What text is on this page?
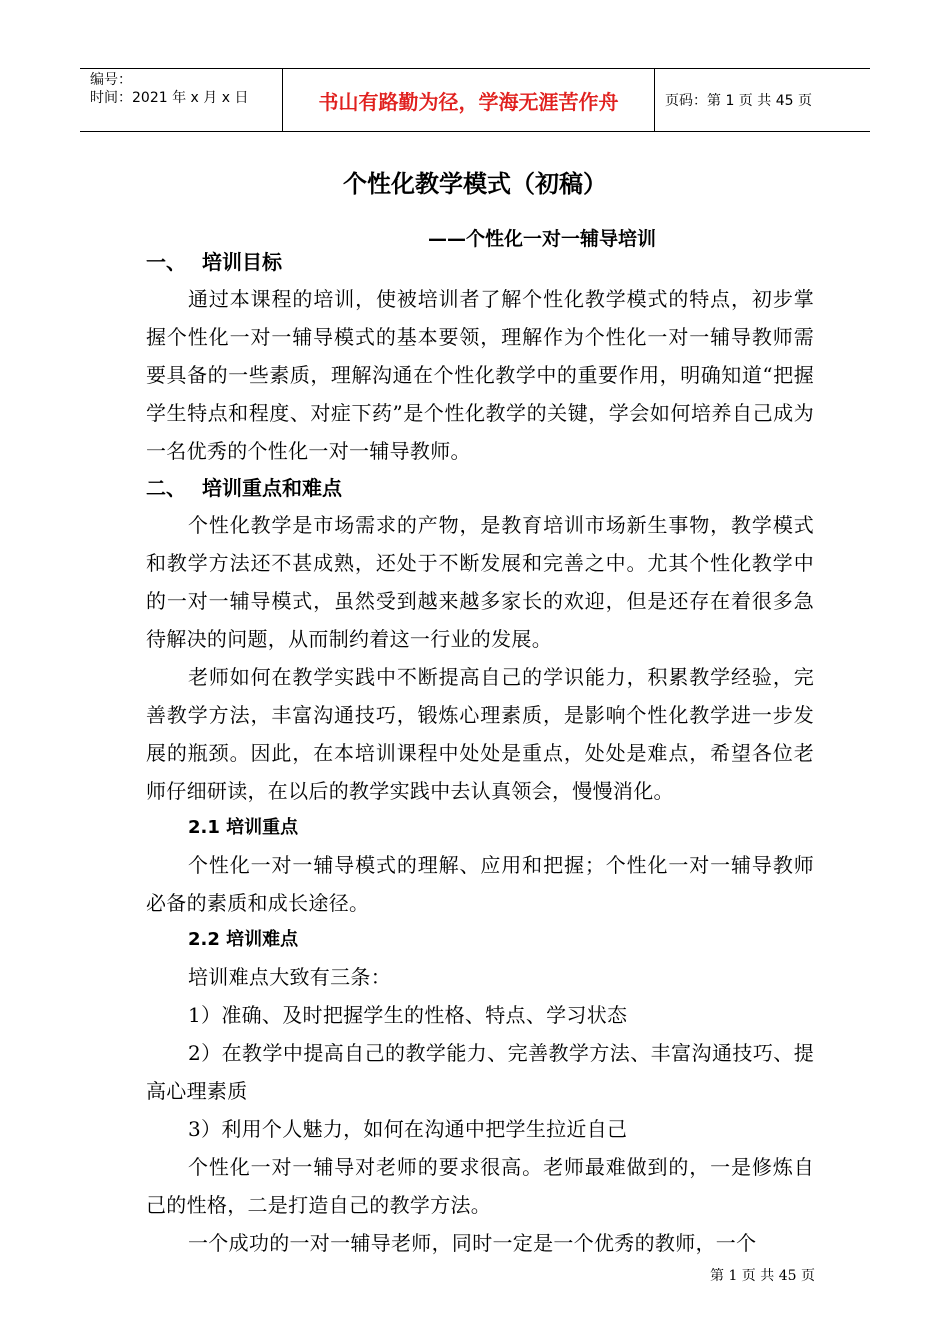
编号：
时间：2021 年 x 月 x 日	书山有路勤为径，学海无涯苦作舟	页码：第 1 页 共 45 页
个性化教学模式（初稿）
——个性化一对一辅导培训
一、 培训目标

通过本课程的培训，使被培训者了解个性化教学模式的特点，初步掌握个性化一对一辅导模式的基本要领，理解作为个性化一对一辅导教师需要具备的一些素质，理解沟通在个性化教学中的重要作用，明确知道“把握学生特点和程度、对症下药”是个性化教学的关键，学会如何培养自己成为一名优秀的个性化一对一辅导教师。

二、 培训重点和难点

个性化教学是市场需求的产物，是教育培训市场新生事物，教学模式和教学方法还不甚成熟，还处于不断发展和完善之中。尤其个性化教学中的一对一辅导模式，虽然受到越来越多家长的欢迎，但是还存在着很多急待解决的问题，从而制约着这一行业的发展。

老师如何在教学实践中不断提高自己的学识能力，积累教学经验，完善教学方法，丰富沟通技巧，锻炼心理素质，是影响个性化教学进一步发展的瓶颈。因此，在本培训课程中处处是重点，处处是难点，希望各位老师仔细研读，在以后的教学实践中去认真领会，慢慢消化。

2.1 培训重点

个性化一对一辅导模式的理解、应用和把握；个性化一对一辅导教师必备的素质和成长途径。

2.2 培训难点

培训难点大致有三条：

1）准确、及时把握学生的性格、特点、学习状态

2）在教学中提高自己的教学能力、完善教学方法、丰富沟通技巧、提高心理素质

3）利用个人魅力，如何在沟通中把学生拉近自己

个性化一对一辅导对老师的要求很高。老师最难做到的，一是修炼自己的性格，二是打造自己的教学方法。

一个成功的一对一辅导老师，同时一定是一个优秀的教师，一个

第 1 页 共 45 页
